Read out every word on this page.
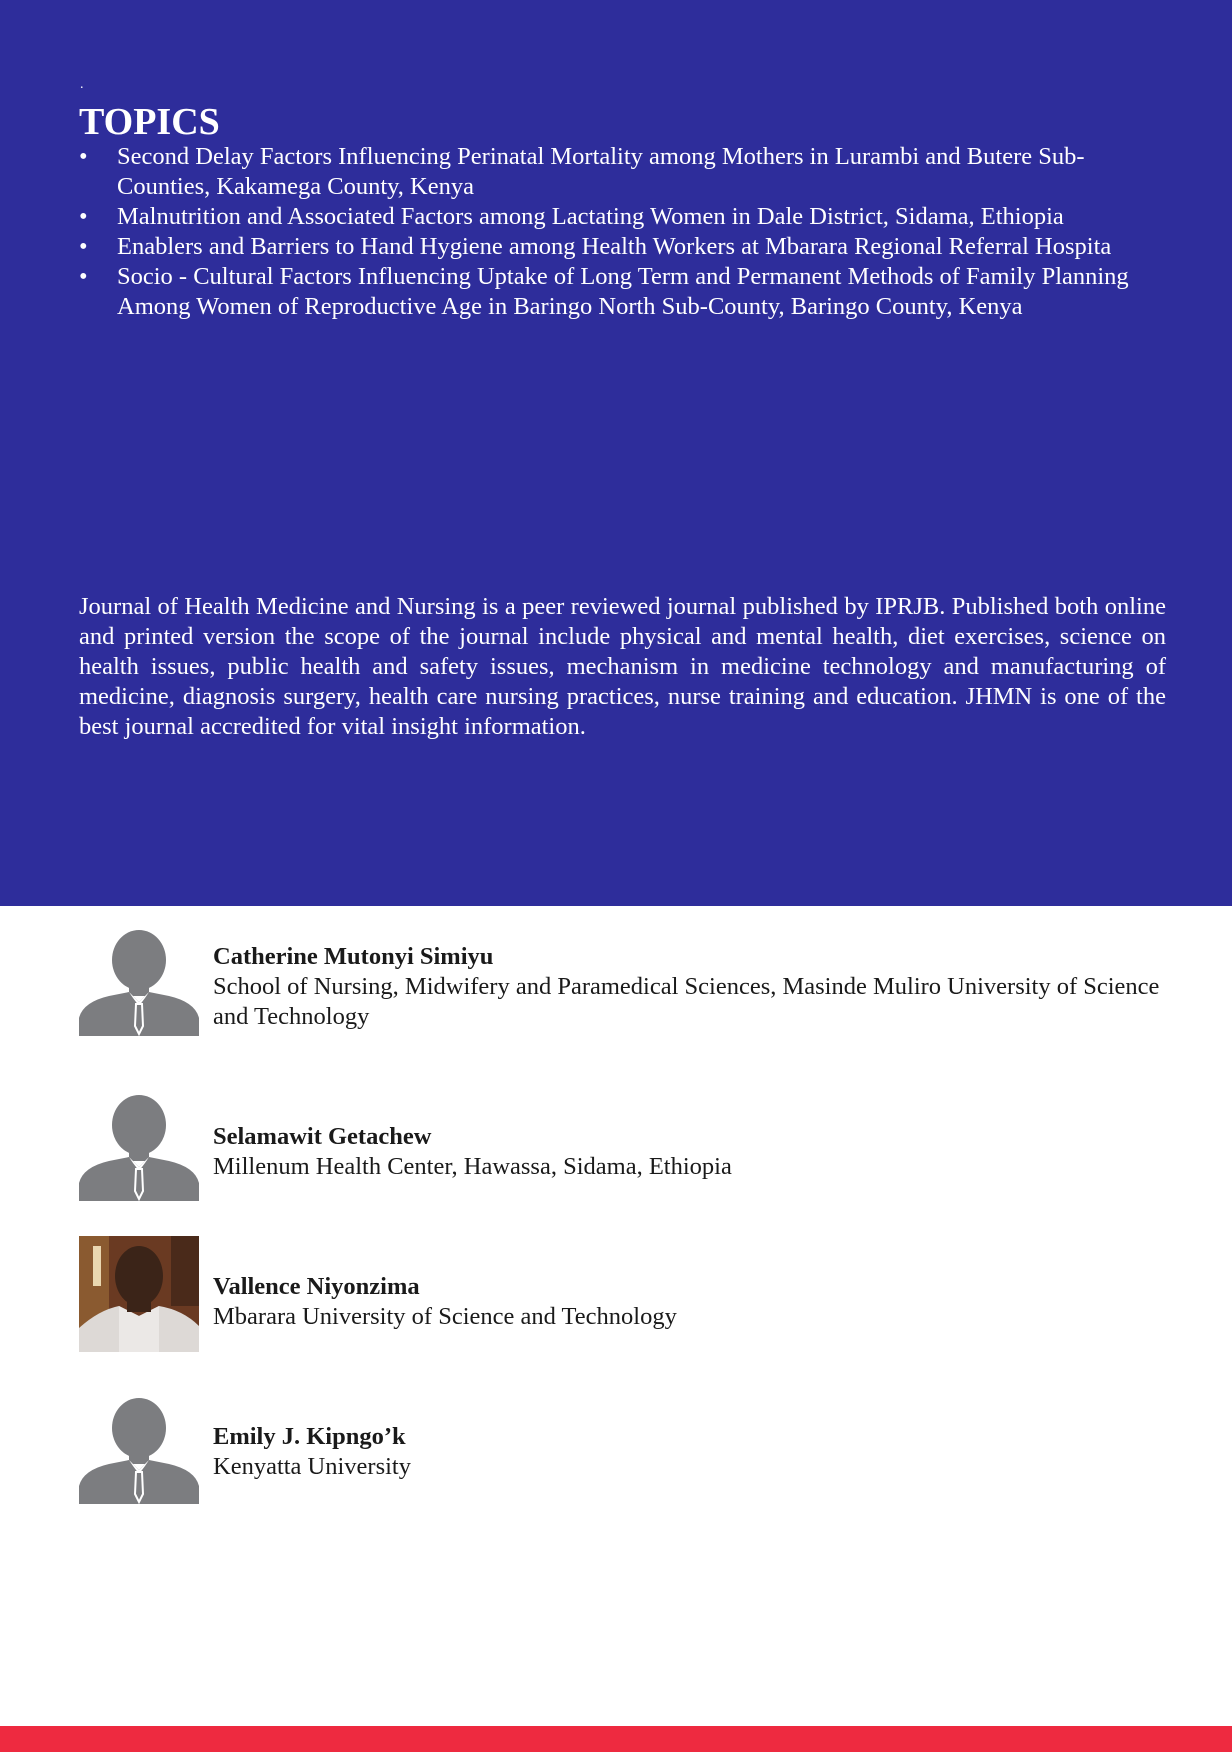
.
TOPICS
• Second Delay Factors Influencing Perinatal Mortality among Mothers in Lurambi and Butere Sub-Counties, Kakamega County, Kenya
• Malnutrition and Associated Factors among Lactating Women in Dale District, Sidama, Ethiopia
• Enablers and Barriers to Hand Hygiene among Health Workers at Mbarara Regional Referral Hospita
• Socio - Cultural Factors Influencing Uptake of Long Term and Permanent Methods of Family Planning Among Women of Reproductive Age in Baringo North Sub-County, Baringo County, Kenya

Journal of Health Medicine and Nursing is a peer reviewed journal published by IPRJB. Published both online and printed version the scope of the journal include physical and mental health, diet exercises, science on health issues, public health and safety issues, mechanism in medicine technology and manufacturing of medicine, diagnosis surgery, health care nursing practices, nurse training and education. JHMN is one of the best journal accredited for vital insight information.

Catherine Mutonyi Simiyu
School of Nursing, Midwifery and Paramedical Sciences, Masinde Muliro University of Science and Technology
Selamawit Getachew
Millenum Health Center, Hawassa, Sidama, Ethiopia
Vallence Niyonzima
Mbarara University of Science and Technology
Emily J. Kipngo’k
Kenyatta University
